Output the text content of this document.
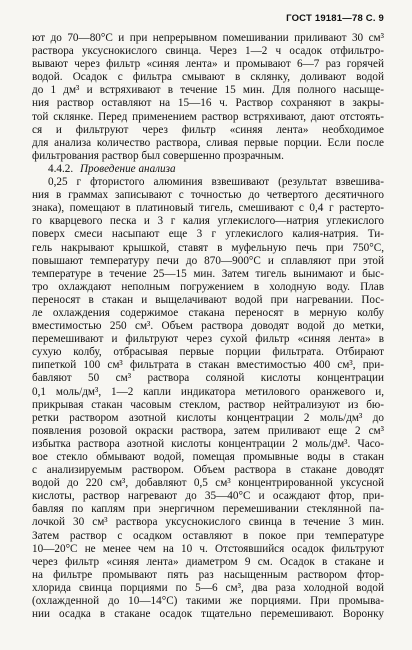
ГОСТ 19181—78 С. 9
ют до 70—80°С и при непрерывном помешивании приливают 30 см³
раствора уксуснокислого свинца. Через 1—2 ч осадок отфильтро-
вывают через фильтр «синяя лента» и промывают 6—7 раз горячей
водой. Осадок с фильтра смывают в склянку, доливают водой
до 1 дм³ и встряхивают в течение 15 мин. Для полного насыще-
ния раствор оставляют на 15—16 ч. Раствор сохраняют в закры-
той склянке. Перед применением раствор встряхивают, дают отстоять-
ся и фильтруют через фильтр «синяя лента» необходимое
для анализа количество раствора, сливая первые порции. Если после
фильтрования раствор был совершенно прозрачным.
4.4.2. Проведение анализа
0,25 г фтористого алюминия взвешивают (результат взвешива-
ния в граммах записывают с точностью до четвертого десятичного
знака), помещают в платиновый тигель, смешивают с 0,4 г растерто-
го кварцевого песка и 3 г калия углекислого—натрия углекислого
поверх смеси насыпают еще 3 г углекислого калия-натрия. Ти-
гель накрывают крышкой, ставят в муфельную печь при 750°С,
повышают температуру печи до 870—900°С и сплавляют при этой
температуре в течение 25—15 мин. Затем тигель вынимают и быс-
тро охлаждают неполным погружением в холодную воду. Плав
переносят в стакан и выщелачивают водой при нагревании. Пос-
ле охлаждения содержимое стакана переносят в мерную колбу
вместимостью 250 см³. Объем раствора доводят водой до метки,
перемешивают и фильтруют через сухой фильтр «синяя лента» в
сухую колбу, отбрасывая первые порции фильтрата. Отбирают
пипеткой 100 см³ фильтрата в стакан вместимостью 400 см³, при-
бавляют 50 см³ раствора соляной кислоты концентрации
0,1 моль/дм³, 1—2 капли индикатора метилового оранжевого и,
прикрывая стакан часовым стеклом, раствор нейтрализуют из бю-
ретки раствором азотной кислоты концентрации 2 моль/дм³ до
появления розовой окраски раствора, затем приливают еще 2 см³
избытка раствора азотной кислоты концентрации 2 моль/дм³. Часо-
вое стекло обмывают водой, помещая промывные воды в стакан
с анализируемым раствором. Объем раствора в стакане доводят
водой до 220 см³, добавляют 0,5 см³ концентрированной уксусной
кислоты, раствор нагревают до 35—40°С и осаждают фтор, при-
бавляя по каплям при энергичном перемешивании стеклянной па-
лочкой 30 см³ раствора уксуснокислого свинца в течение 3 мин.
Затем раствор с осадком оставляют в покое при температуре
10—20°С не менее чем на 10 ч. Отстоявшийся осадок фильтруют
через фильтр «синяя лента» диаметром 9 см. Осадок в стакане и
на фильтре промывают пять раз насыщенным раствором фтор-
хлорида свинца порциями по 5—6 см³, два раза холодной водой
(охлажденной до 10—14°С) такими же порциями. При промыва-
нии осадка в стакане осадок тщательно перемешивают. Воронку
